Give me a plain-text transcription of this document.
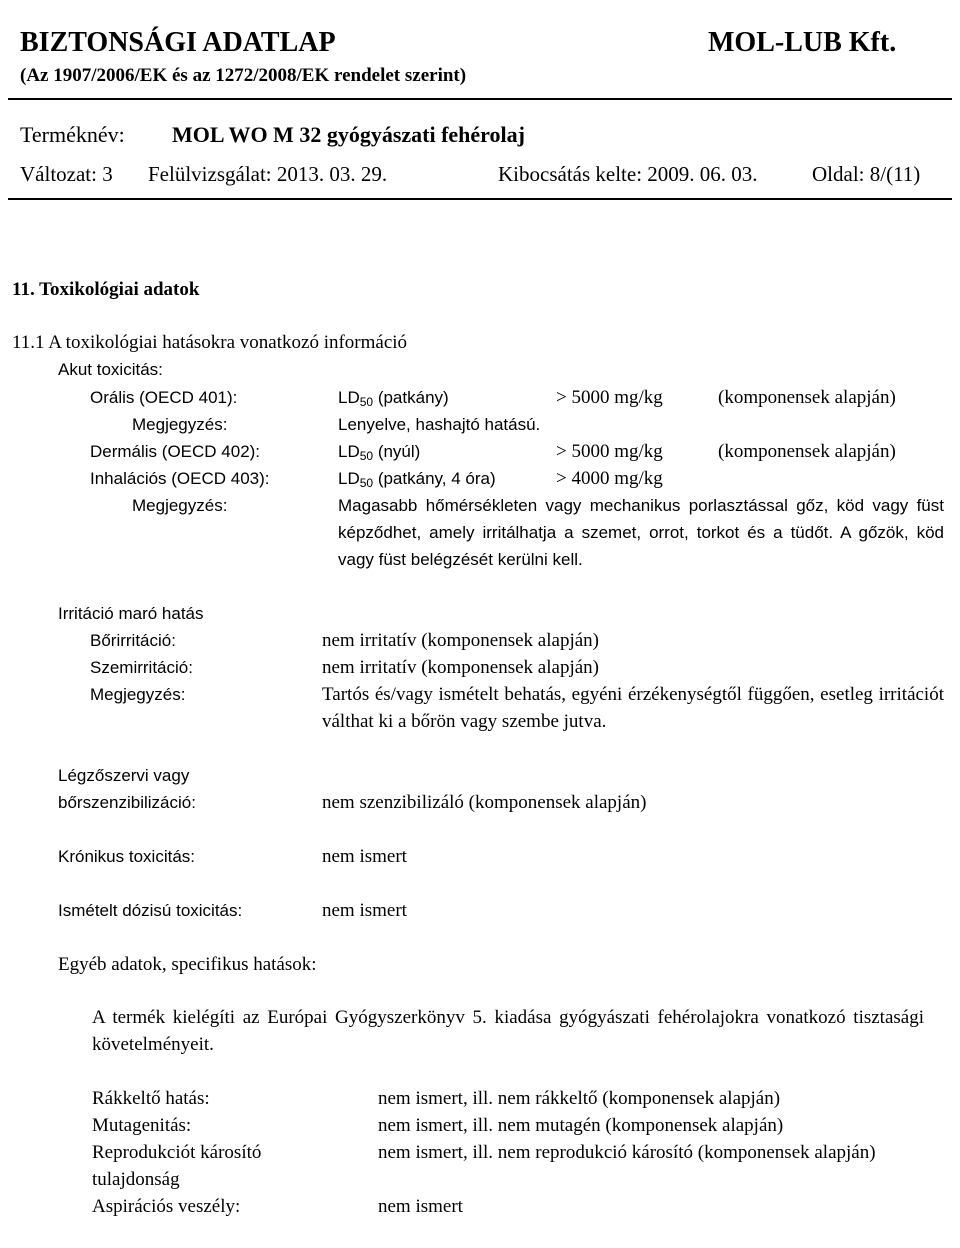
BIZTONSÁGI ADATLAP	MOL-LUB Kft.
(Az 1907/2006/EK és az 1272/2008/EK rendelet szerint)
Terméknév: MOL WO M 32 gyógyászati fehérolaj
Változat: 3 Felülvizsgálat: 2013. 03. 29.	Kibocsátás kelte: 2009. 06. 03.	Oldal: 8/(11)
11. Toxikológiai adatok
11.1 A toxikológiai hatásokra vonatkozó információ
Akut toxicitás:
Orális (OECD 401):	$LD_{50}$ (patkány)	> 5000 mg/kg	(komponensek alapján)
Megjegyzés:	Lenyelve, hashajtó hatású.
Dermális (OECD 402):	$LD_{50}$ (nyúl)	> 5000 mg/kg	(komponensek alapján)
Inhalációs (OECD 403):	$LD_{50}$ (patkány, 4 óra)	> 4000 mg/kg
Megjegyzés:	Magasabb hőmérsékleten vagy mechanikus porlasztással gőz, köd vagy füst képződhet, amely irritálhatja a szemet, orrot, torkot és a tüdőt. A gőzök, köd vagy füst belégzését kerülni kell.
Irritáció maró hatás
Bőrirritáció:	nem irritatív (komponensek alapján)
Szemirritáció:	nem irritatív (komponensek alapján)
Megjegyzés:	Tartós és/vagy ismételt behatás, egyéni érzékenységtől függően, esetleg irritációt válthat ki a bőrön vagy szembe jutva.
Légzőszervi vagy
bőrszenzibilizáció:	nem szenzibilizáló (komponensek alapján)
Krónikus toxicitás:	nem ismert
Ismételt dózisú toxicitás:	nem ismert
Egyéb adatok, specifikus hatások:
A termék kielégíti az Európai Gyógyszerkönyv 5. kiadása gyógyászati fehérolajokra vonatkozó tisztasági követelményeit.
Rákkeltő hatás:	nem ismert, ill. nem rákkeltő (komponensek alapján)
Mutagenitás:	nem ismert, ill. nem mutagén (komponensek alapján)
Reprodukciót károsító
tulajdonság
nem ismert, ill. nem reprodukció károsító (komponensek alapján)
Aspirációs veszély:	nem ismert
